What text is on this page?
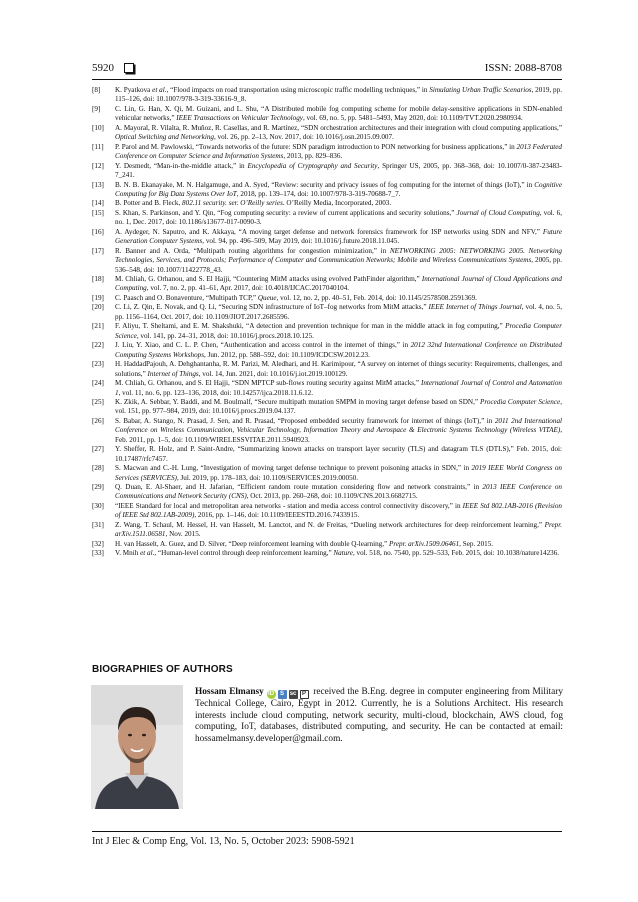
5920	ISSN: 2088-8708
[8]	K. Pyatkova et al., “Flood impacts on road transportation using microscopic traffic modelling techniques,” in Simulating Urban Traffic Scenarios, 2019, pp. 115–126, doi: 10.1007/978-3-319-33616-9_8.
[9]	C. Lin, G. Han, X. Qi, M. Guizani, and L. Shu, “A Distributed mobile fog computing scheme for mobile delay-sensitive applications in SDN-enabled vehicular networks,” IEEE Transactions on Vehicular Technology, vol. 69, no. 5, pp. 5481–5493, May 2020, doi: 10.1109/TVT.2020.2980934.
[10]	A. Mayoral, R. Vilalta, R. Muñoz, R. Casellas, and R. Martínez, “SDN orchestration architectures and their integration with cloud computing applications,” Optical Switching and Networking, vol. 26, pp. 2–13, Nov. 2017, doi: 10.1016/j.osn.2015.09.007.
[11]	P. Parol and M. Pawlowski, “Towards networks of the future: SDN paradigm introduction to PON networking for business applications,” in 2013 Federated Conference on Computer Science and Information Systems, 2013, pp. 829–836.
[12]	Y. Desmedt, “Man-in-the-middle attack,” in Encyclopedia of Cryptography and Security, Springer US, 2005, pp. 368–368, doi: 10.1007/0-387-23483-7_241.
[13]	B. N. B. Ekanayake, M. N. Halgamuge, and A. Syed, “Review: security and privacy issues of fog computing for the internet of things (IoT),” in Cognitive Computing for Big Data Systems Over IoT, 2018, pp. 139–174, doi: 10.1007/978-3-319-70688-7_7.
[14]	B. Potter and B. Fleck, 802.11 security. ser. O’Reilly series. O’Reilly Media, Incorporated, 2003.
[15]	S. Khan, S. Parkinson, and Y. Qin, “Fog computing security: a review of current applications and security solutions,” Journal of Cloud Computing, vol. 6, no. 1, Dec. 2017, doi: 10.1186/s13677-017-0090-3.
[16]	A. Aydeger, N. Saputro, and K. Akkaya, “A moving target defense and network forensics framework for ISP networks using SDN and NFV,” Future Generation Computer Systems, vol. 94, pp. 496–509, May 2019, doi: 10.1016/j.future.2018.11.045.
[17]	R. Banner and A. Orda, “Multipath routing algorithms for congestion minimization,” in NETWORKING 2005: NETWORKING 2005. Networking Technologies, Services, and Protocols; Performance of Computer and Communication Networks; Mobile and Wireless Communications Systems, 2005, pp. 536–548, doi: 10.1007/11422778_43.
[18]	M. Chliah, G. Orhanou, and S. El Hajji, “Countering MitM attacks using evolved PathFinder algorithm,” International Journal of Cloud Applications and Computing, vol. 7, no. 2, pp. 41–61, Apr. 2017, doi: 10.4018/IJCAC.2017040104.
[19]	C. Paasch and O. Bonaventure, “Multipath TCP,” Queue, vol. 12, no. 2, pp. 40–51, Feb. 2014, doi: 10.1145/2578508.2591369.
[20]	C. Li, Z. Qin, E. Novak, and Q. Li, “Securing SDN infrastructure of IoT–fog networks from MitM attacks,” IEEE Internet of Things Journal, vol. 4, no. 5, pp. 1156–1164, Oct. 2017, doi: 10.1109/JIOT.2017.2685596.
[21]	F. Aliyu, T. Sheltami, and E. M. Shakshuki, “A detection and prevention technique for man in the middle attack in fog computing,” Procedia Computer Science, vol. 141, pp. 24–31, 2018, doi: 10.1016/j.procs.2018.10.125.
[22]	J. Liu, Y. Xiao, and C. L. P. Chen, “Authentication and access control in the internet of things,” in 2012 32nd International Conference on Distributed Computing Systems Workshops, Jun. 2012, pp. 588–592, doi: 10.1109/ICDCSW.2012.23.
[23]	H. HaddadPajouh, A. Dehghantanha, R. M. Parizi, M. Aledhari, and H. Karimipour, “A survey on internet of things security: Requirements, challenges, and solutions,” Internet of Things, vol. 14, Jun. 2021, doi: 10.1016/j.iot.2019.100129.
[24]	M. Chliah, G. Orhanou, and S. El Hajji, “SDN MPTCP sub-flows routing security against MitM attacks,” International Journal of Control and Automation 1, vol. 11, no. 6, pp. 123–136, 2018, doi: 10.14257/ijca.2018.11.6.12.
[25]	K. Zkik, A. Sebbar, Y. Baddi, and M. Boulmalf, “Secure multipath mutation SMPM in moving target defense based on SDN,” Procedia Computer Science, vol. 151, pp. 977–984, 2019, doi: 10.1016/j.procs.2019.04.137.
[26]	S. Babar, A. Stango, N. Prasad, J. Sen, and R. Prasad, “Proposed embedded security framework for internet of things (IoT),” in 2011 2nd International Conference on Wireless Communication, Vehicular Technology, Information Theory and Aerospace & Electronic Systems Technology (Wireless VITAE), Feb. 2011, pp. 1–5, doi: 10.1109/WIRELESSVITAE.2011.5940923.
[27]	Y. Sheffer, R. Holz, and P. Saint-Andre, “Summarizing known attacks on transport layer security (TLS) and datagram TLS (DTLS),” Feb. 2015, doi: 10.17487/rfc7457.
[28]	S. Macwan and C.-H. Lung, “Investigation of moving target defense technique to prevent poisoning attacks in SDN,” in 2019 IEEE World Congress on Services (SERVICES), Jul. 2019, pp. 178–183, doi: 10.1109/SERVICES.2019.00050.
[29]	Q. Duan, E. Al-Shaer, and H. Jafarian, “Efficient random route mutation considering flow and network constraints,” in 2013 IEEE Conference on Communications and Network Security (CNS), Oct. 2013, pp. 260–268, doi: 10.1109/CNS.2013.6682715.
[30]	“IEEE Standard for local and metropolitan area networks - station and media access control connectivity discovery,” in IEEE Std 802.1AB-2016 (Revision of IEEE Std 802.1AB-2009), 2016, pp. 1–146, doi: 10.1109/IEEESTD.2016.7433915.
[31]	Z. Wang, T. Schaul, M. Hessel, H. van Hasselt, M. Lanctot, and N. de Freitas, “Dueling network architectures for deep reinforcement learning,” Prepr. arXiv.1511.06581, Nov. 2015.
[32]	H. van Hasselt, A. Guez, and D. Silver, “Deep reinforcement learning with double Q-learning,” Prepr. arXiv.1509.06461, Sep. 2015.
[33]	V. Mnih et al., “Human-level control through deep reinforcement learning,” Nature, vol. 518, no. 7540, pp. 529–533, Feb. 2015, doi: 10.1038/nature14236.
BIOGRAPHIES OF AUTHORS
Hossam Elmansy iD S sc P received the B.Eng. degree in computer engineering from Military Technical College, Cairo, Egypt in 2012. Currently, he is a Solutions Architect. His research interests include cloud computing, network security, multi-cloud, blockchain, AWS cloud, fog computing, IoT, databases, distributed computing, and security. He can be contacted at email: hossamelmansy.developer@gmail.com.
Int J Elec & Comp Eng, Vol. 13, No. 5, October 2023: 5908-5921
